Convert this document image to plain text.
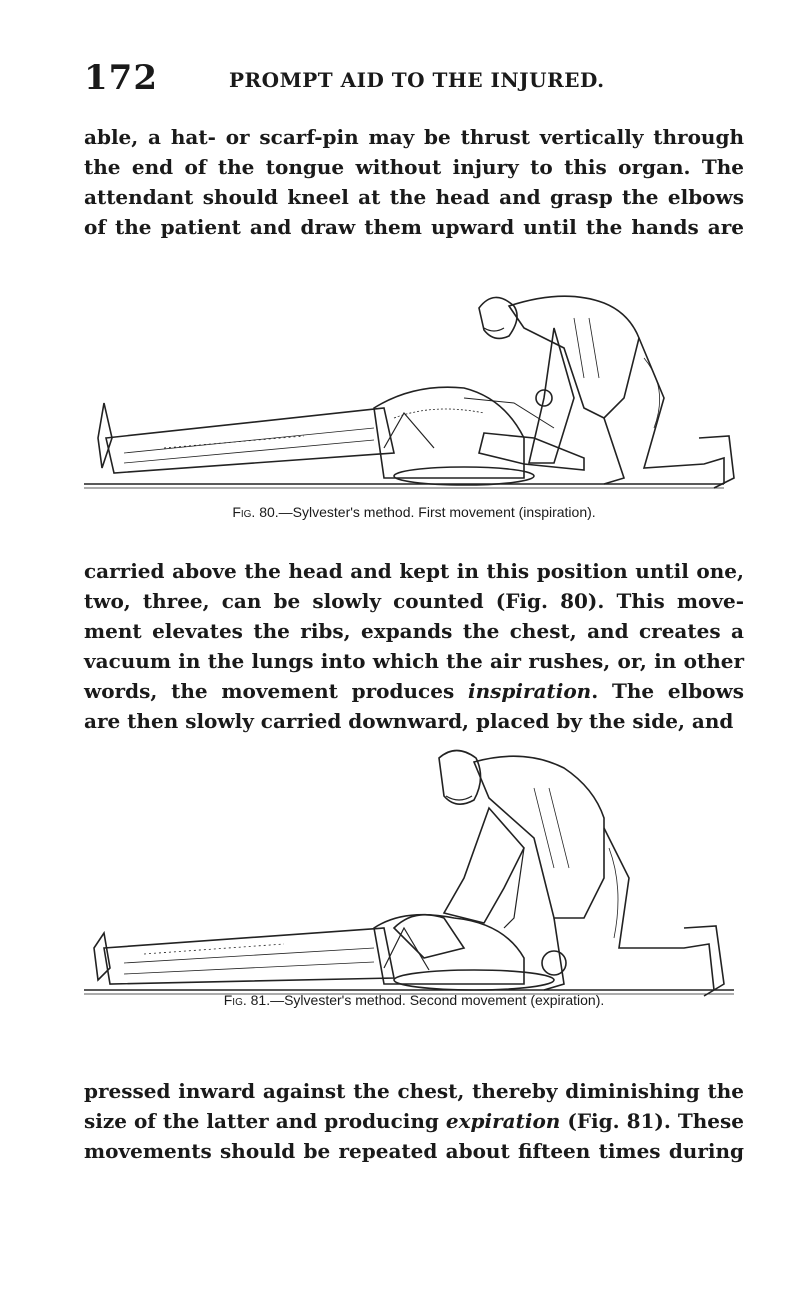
172	PROMPT AID TO THE INJURED.
able, a hat- or scarf-pin may be thrust vertically through
the end of the tongue without injury to this organ. The
attendant should kneel at the head and grasp the elbows
of the patient and draw them upward until the hands are
Fig. 80.—Sylvester's method. First movement (inspiration).
carried above the head and kept in this position until one,
two, three, can be slowly counted (Fig. 80). This move-
ment elevates the ribs, expands the chest, and creates a
vacuum in the lungs into which the air rushes, or, in other
words, the movement produces inspiration. The elbows
are then slowly carried downward, placed by the side, and
Fig. 81.—Sylvester's method. Second movement (expiration).
pressed inward against the chest, thereby diminishing the
size of the latter and producing expiration (Fig. 81). These
movements should be repeated about fifteen times during
